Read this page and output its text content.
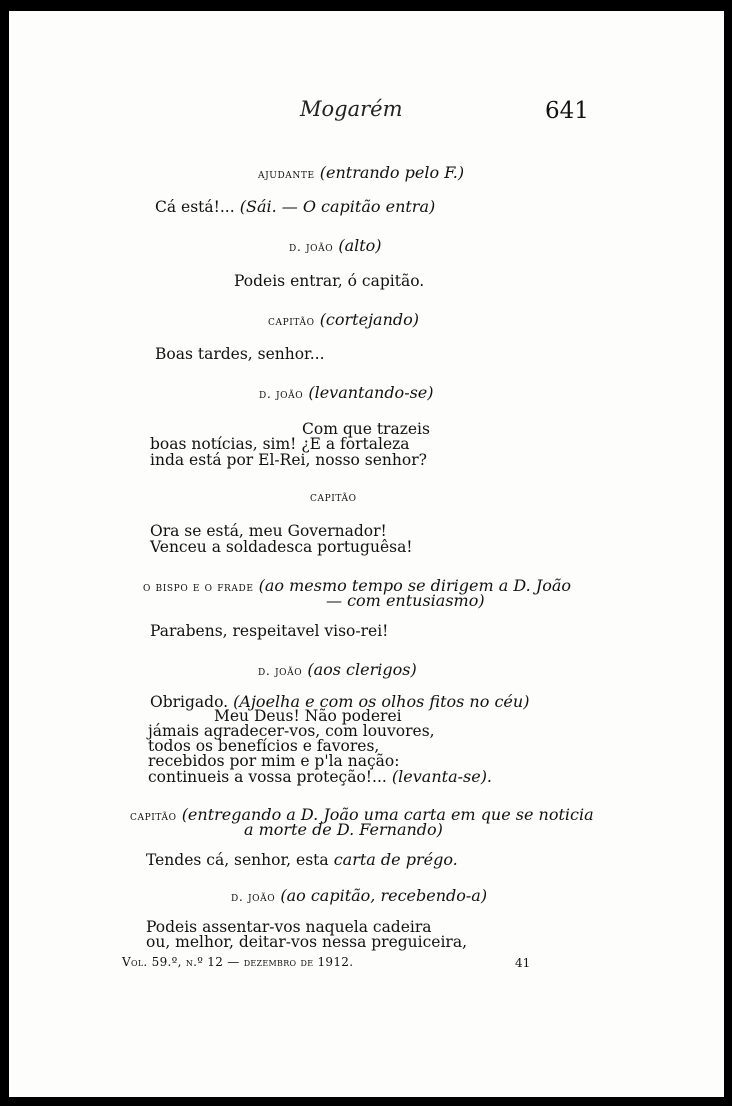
Mogarém	641
ajudante (entrando pelo F.)
Cá está!... (Sái. — O capitão entra)
d. joão (alto)
Podeis entrar, ó capitão.
capitão (cortejando)
Boas tardes, senhor...
d. joão (levantando-se)
Com que trazeis
boas notícias, sim! ¿E a fortaleza
inda está por El-Rei, nosso senhor?
capitão
Ora se está, meu Governador!
Venceu a soldadesca portuguêsa!
o bispo e o frade (ao mesmo tempo se dirigem a D. João
— com entusiasmo)
Parabens, respeitavel viso-rei!
d. joão (aos clerigos)
Obrigado. (Ajoelha e com os olhos fitos no céu)
Meu Deus! Não poderei
jámais agradecer-vos, com louvores,
todos os benefícios e favores,
recebidos por mim e p'la nação:
continueis a vossa proteção!... (levanta-se).
capitão (entregando a D. João uma carta em que se noticia
a morte de D. Fernando)
Tendes cá, senhor, esta carta de prégo.
d. joão (ao capitão, recebendo-a)
Podeis assentar-vos naquela cadeira
ou, melhor, deitar-vos nessa preguiceira,
Vol. 59.º, n.º 12 — dezembro de 1912.	41
